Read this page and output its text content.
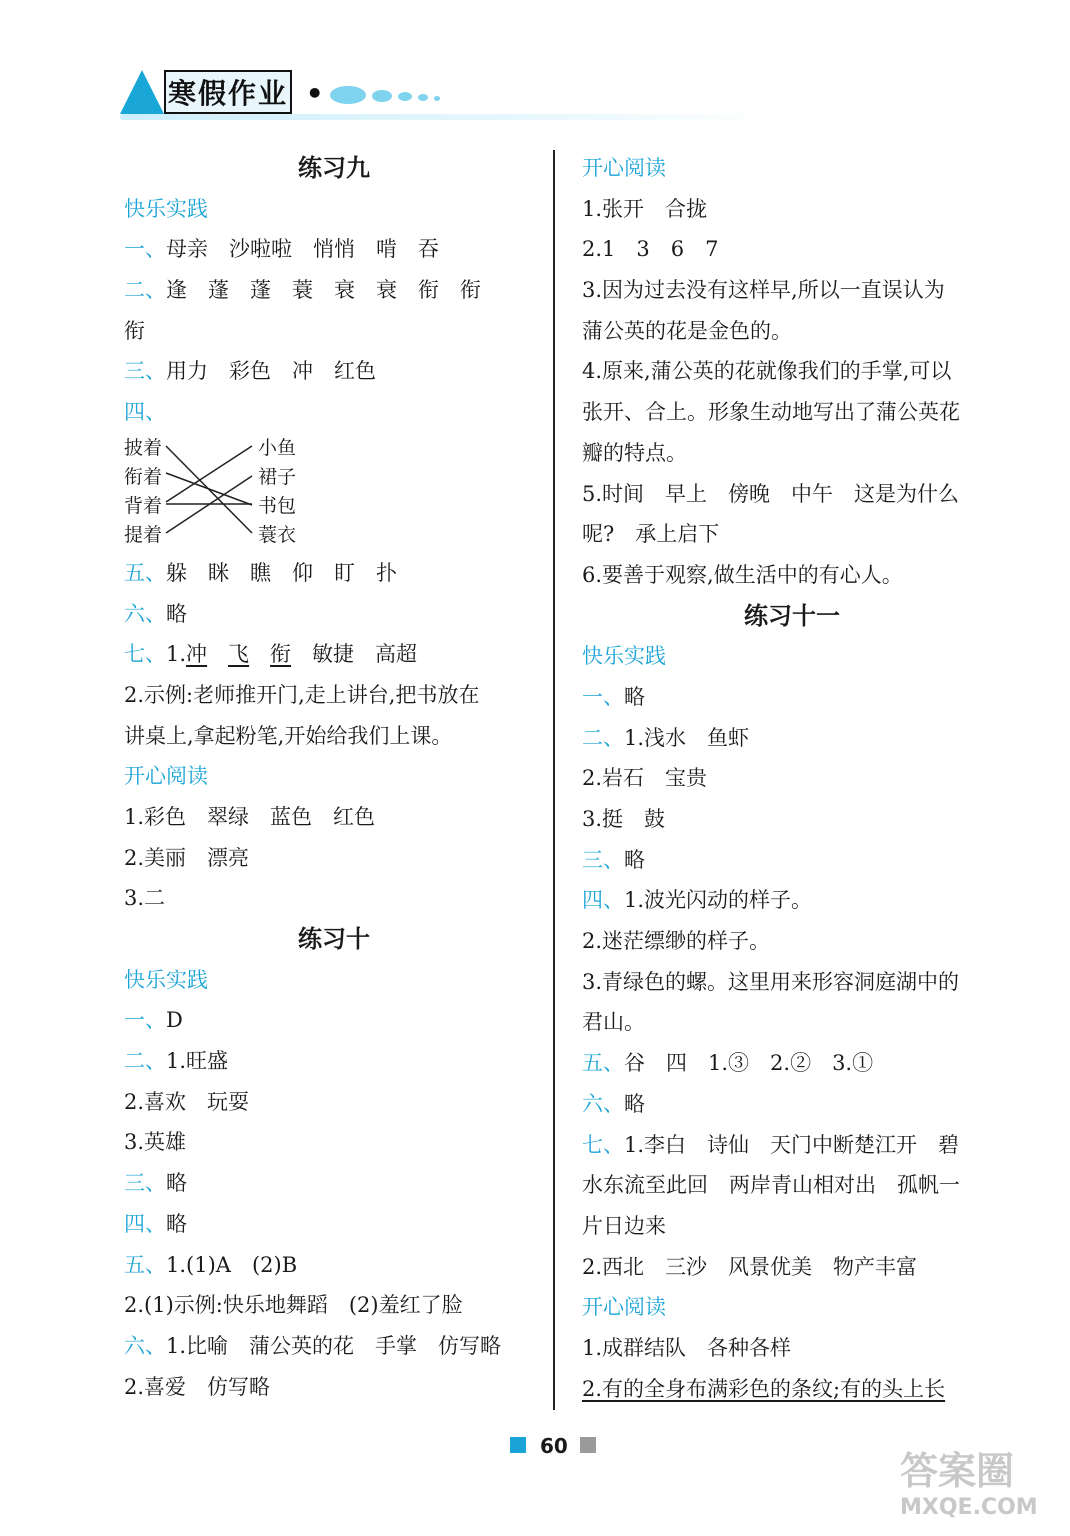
寒假作业 •
练习九
快乐实践
一、母亲　沙啦啦　悄悄　啃　吞
二、逢　蓬　蓬　蓑　衰　衰　衔　衔
衔
三、用力　彩色　冲　红色
四、
披着
衔着
背着
提着
小鱼
裙子
书包
蓑衣
五、躲　眯　瞧　仰　盯　扑
六、略
七、1.冲　 飞　 衔　敏捷　高超
2.示例:老师推开门,走上讲台,把书放在
讲桌上,拿起粉笔,开始给我们上课。
开心阅读
1.彩色　翠绿　蓝色　红色
2.美丽　漂亮
3.二
练习十
快乐实践
一、D
二、1.旺盛
2.喜欢　玩耍
3.英雄
三、略
四、略
五、1.(1)A　(2)B
2.(1)示例:快乐地舞蹈　(2)羞红了脸
六、1.比喻　蒲公英的花　手掌　仿写略
2.喜爱　仿写略
开心阅读
1.张开　合拢
2.1　3　6　7
3.因为过去没有这样早,所以一直误认为
蒲公英的花是金色的。
4.原来,蒲公英的花就像我们的手掌,可以
张开、合上。形象生动地写出了蒲公英花
瓣的特点。
5.时间　早上　傍晚　中午　这是为什么
呢?　承上启下
6.要善于观察,做生活中的有心人。
练习十一
快乐实践
一、略
二、1.浅水　鱼虾
2.岩石　宝贵
3.挺　鼓
三、略
四、1.波光闪动的样子。
2.迷茫缥缈的样子。
3.青绿色的螺。这里用来形容洞庭湖中的
君山。
五、谷　四　1.③　2.②　3.①
六、略
七、1.李白　诗仙　天门中断楚江开　碧
水东流至此回　两岸青山相对出　孤帆一
片日边来
2.西北　三沙　风景优美　物产丰富
开心阅读
1.成群结队　各种各样
2.有的全身布满彩色的条纹;有的头上长
60
答案圈
MXQE.COM
